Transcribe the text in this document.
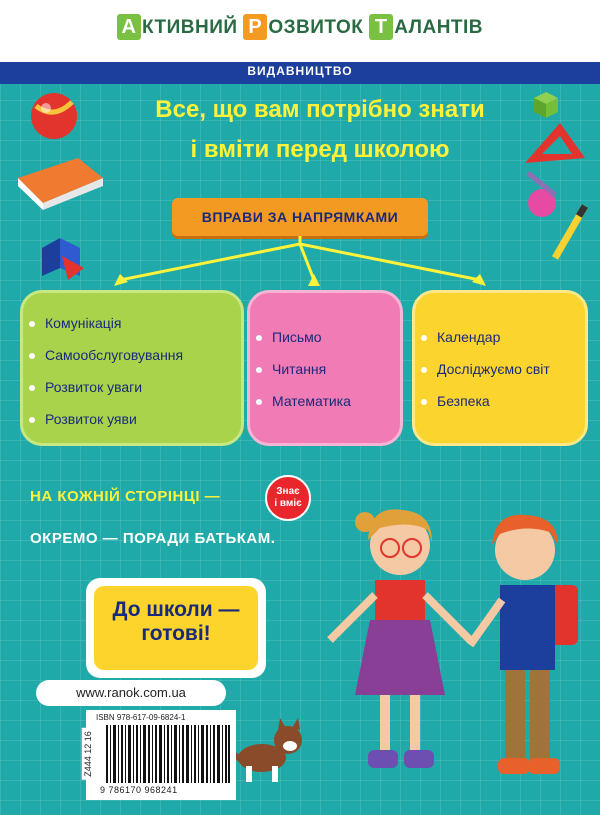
А КТИВНИЙ Р ОЗВИТОК Т АЛАНТІВ
ВИДАВНИЦТВО
Все, що вам потрібно знати
і вміти перед школою
ВПРАВИ ЗА НАПРЯМКАМИ
Комунікація
Самообслуговування
Розвиток уваги
Розвиток уяви
Письмо
Читання
Математика
Календар
Досліджуємо світ
Безпека
НА КОЖНІЙ СТОРІНЦІ —	Знає
і вміє
ОКРЕМО — ПОРАДИ БАТЬКАМ.
До школи —
готові!
www.ranok.com.ua
ISBN 978-617-09-6824-1
9 786170 968241
Z444 12 16
